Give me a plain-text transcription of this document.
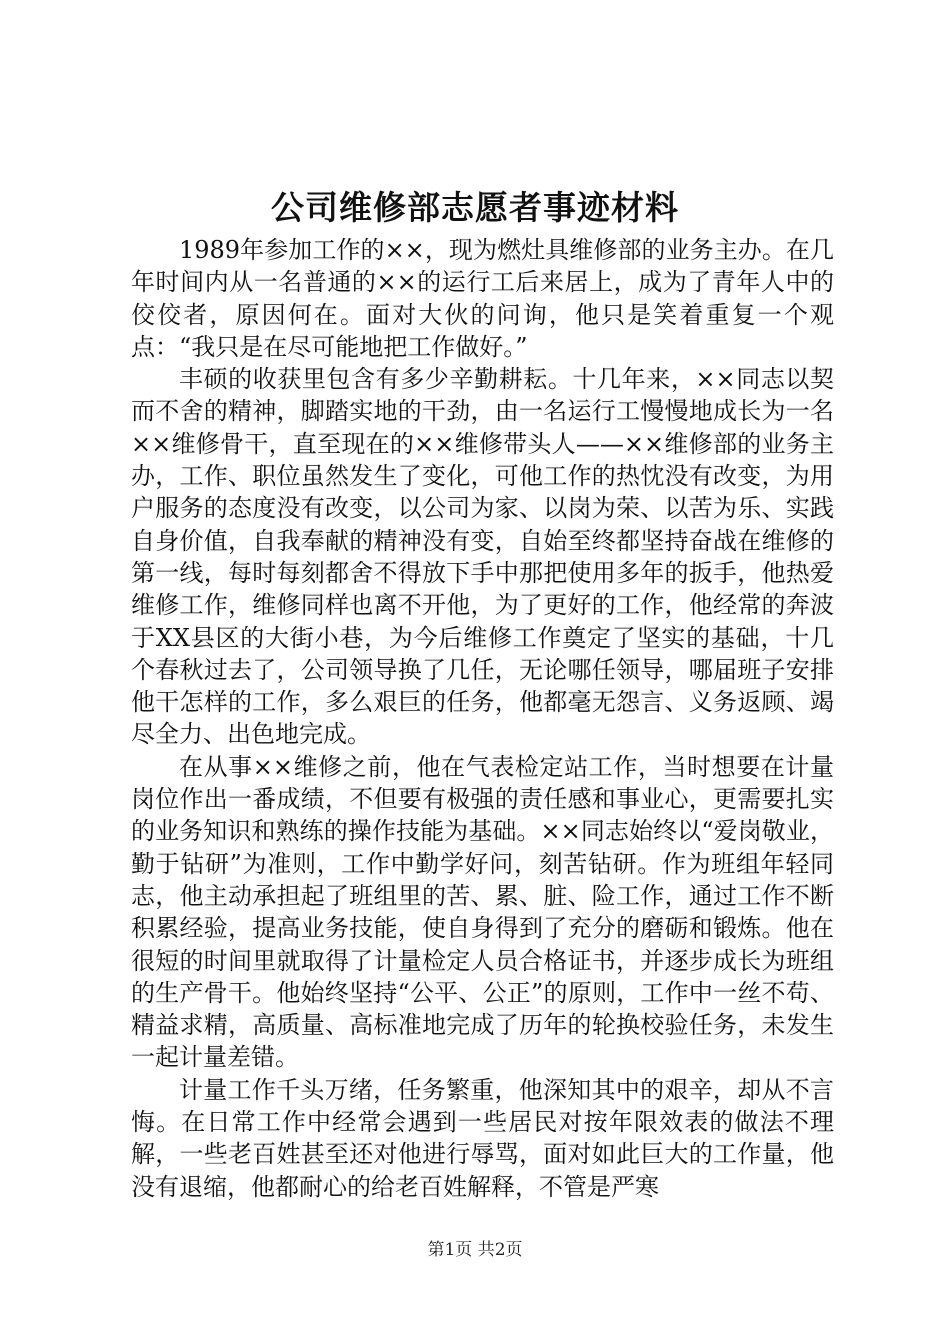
公司维修部志愿者事迹材料

1989年参加工作的××，现为燃灶具维修部的业务主办。在几年时间内从一名普通的××的运行工后来居上，成为了青年人中的佼佼者，原因何在。面对大伙的问询，他只是笑着重复一个观点：“我只是在尽可能地把工作做好。”

丰硕的收获里包含有多少辛勤耕耘。十几年来，××同志以契而不舍的精神，脚踏实地的干劲，由一名运行工慢慢地成长为一名××维修骨干，直至现在的××维修带头人——××维修部的业务主办，工作、职位虽然发生了变化，可他工作的热忱没有改变，为用户服务的态度没有改变，以公司为家、以岗为荣、以苦为乐、实践自身价值，自我奉献的精神没有变，自始至终都坚持奋战在维修的第一线，每时每刻都舍不得放下手中那把使用多年的扳手，他热爱维修工作，维修同样也离不开他，为了更好的工作，他经常的奔波于XX县区的大街小巷，为今后维修工作奠定了坚实的基础，十几个春秋过去了，公司领导换了几任，无论哪任领导，哪届班子安排他干怎样的工作，多么艰巨的任务，他都毫无怨言、义务返顾、竭尽全力、出色地完成。

在从事××维修之前，他在气表检定站工作，当时想要在计量岗位作出一番成绩，不但要有极强的责任感和事业心，更需要扎实的业务知识和熟练的操作技能为基础。××同志始终以“爱岗敬业，勤于钻研”为准则，工作中勤学好问，刻苦钻研。作为班组年轻同志，他主动承担起了班组里的苦、累、脏、险工作，通过工作不断积累经验，提高业务技能，使自身得到了充分的磨砺和锻炼。他在很短的时间里就取得了计量检定人员合格证书，并逐步成长为班组的生产骨干。他始终坚持“公平、公正”的原则，工作中一丝不苟、精益求精，高质量、高标准地完成了历年的轮换校验任务，未发生一起计量差错。

计量工作千头万绪，任务繁重，他深知其中的艰辛，却从不言悔。在日常工作中经常会遇到一些居民对按年限效表的做法不理解，一些老百姓甚至还对他进行辱骂，面对如此巨大的工作量，他没有退缩，他都耐心的给老百姓解释，不管是严寒

第1页 共2页
